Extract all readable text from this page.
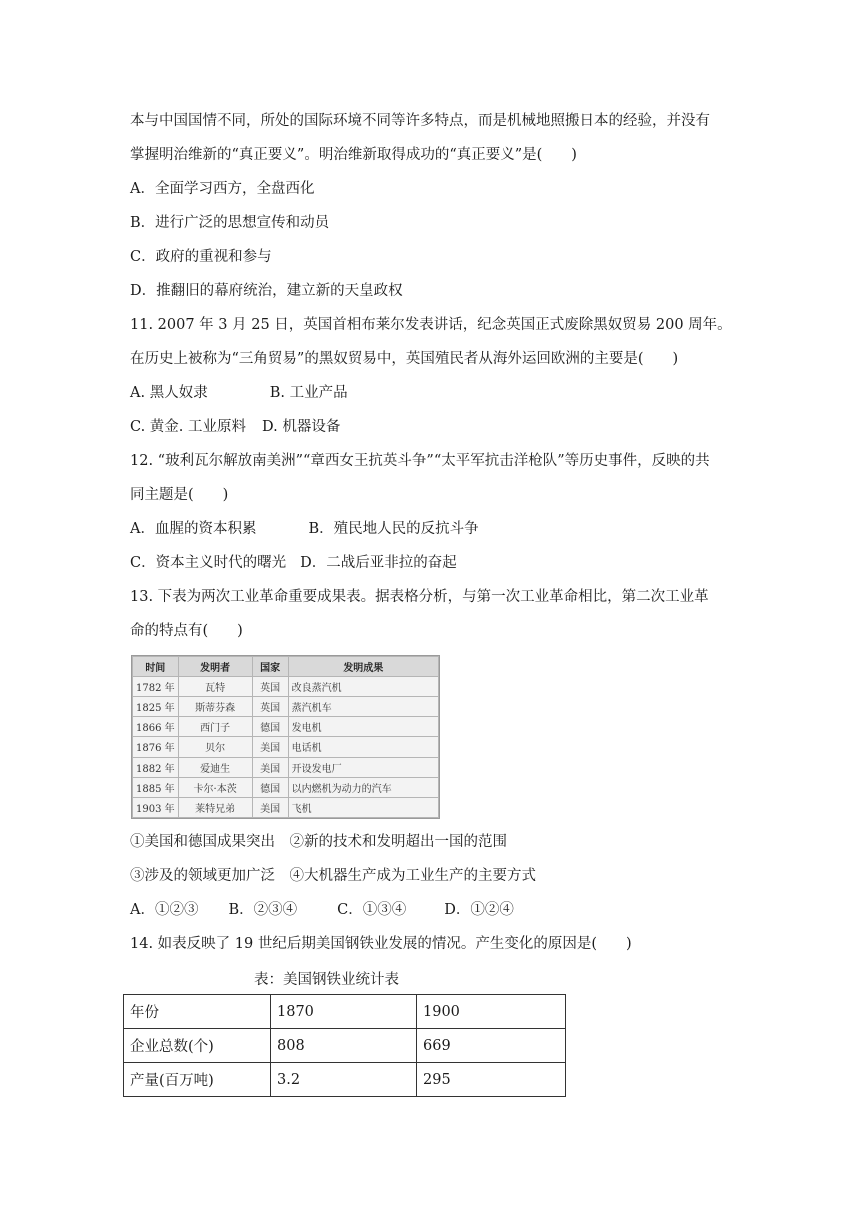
本与中国国情不同，所处的国际环境不同等许多特点，而是机械地照搬日本的经验，并没有
掌握明治维新的“真正要义”。明治维新取得成功的“真正要义”是(　　)
A．全面学习西方，全盘西化
B．进行广泛的思想宣传和动员
C．政府的重视和参与
D．推翻旧的幕府统治，建立新的天皇政权
11. 2007 年 3 月 25 日，英国首相布莱尔发表讲话，纪念英国正式废除黑奴贸易 200 周年。
在历史上被称为“三角贸易”的黑奴贸易中，英国殖民者从海外运回欧洲的主要是(　　)
A. 黑人奴隶	B. 工业产品
C. 黄金. 工业原料 D. 机器设备
12. “玻利瓦尔解放南美洲”“章西女王抗英斗争”“太平军抗击洋枪队”等历史事件，反映的共
同主题是(　　)
A．血腥的资本积累	B．殖民地人民的反抗斗争
C．资本主义时代的曙光 D．二战后亚非拉的奋起
13. 下表为两次工业革命重要成果表。据表格分析，与第一次工业革命相比，第二次工业革
命的特点有(　　)
时间	发明者	国家	发明成果
1782 年	瓦特	英国	改良蒸汽机
1825 年	斯蒂芬森	英国	蒸汽机车
1866 年	西门子	德国	发电机
1876 年	贝尔	美国	电话机
1882 年	爱迪生	美国	开设发电厂
1885 年	卡尔·本茨	德国	以内燃机为动力的汽车
1903 年	莱特兄弟	美国	飞机
①美国和德国成果突出　②新的技术和发明超出一国的范围
③涉及的领域更加广泛　④大机器生产成为工业生产的主要方式
A．①②③ B．②③④	C．①③④	D．①②④
14. 如表反映了 19 世纪后期美国钢铁业发展的情况。产生变化的原因是(　　)
表：美国钢铁业统计表
年份	1870	1900
企业总数(个)	808	669
产量(百万吨)	3.2	295
